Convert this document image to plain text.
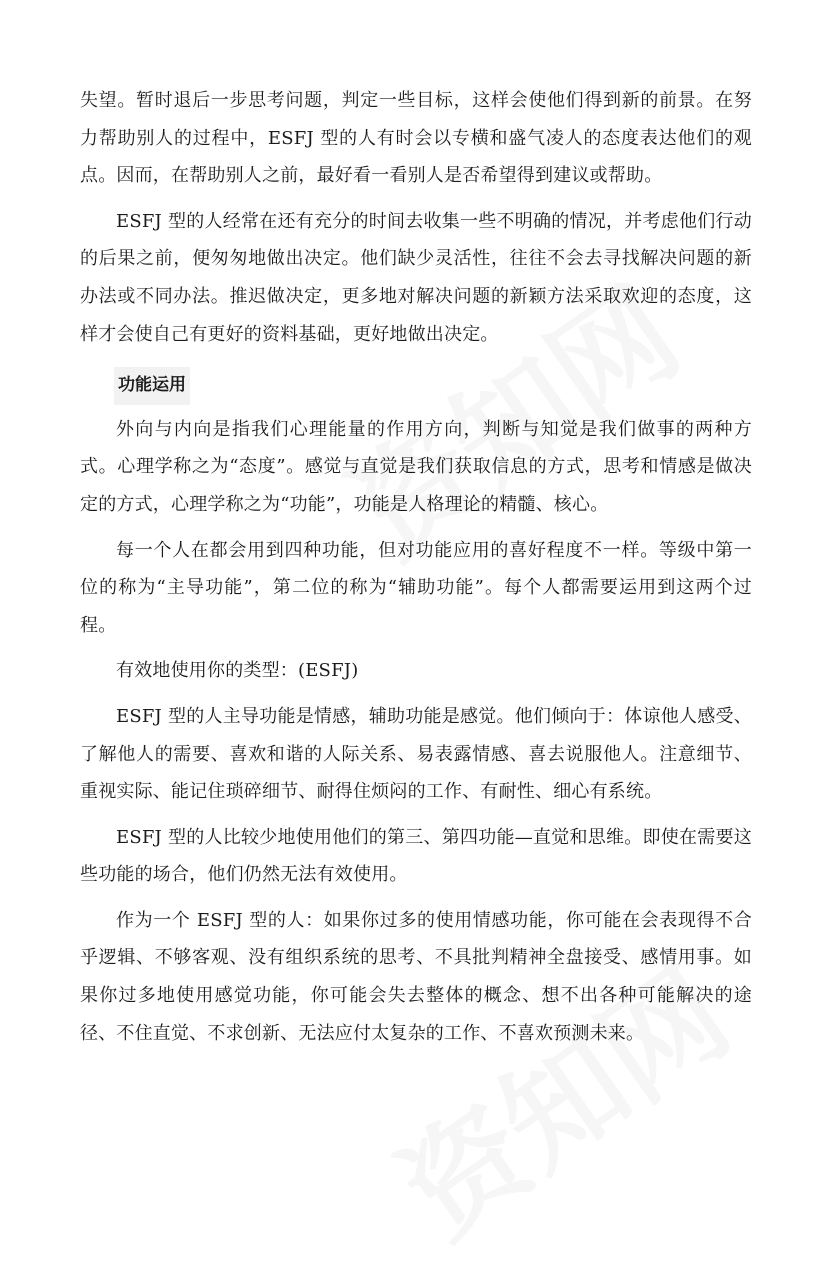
失望。暂时退后一步思考问题，判定一些目标，这样会使他们得到新的前景。在努力帮助别人的过程中，ESFJ 型的人有时会以专横和盛气凌人的态度表达他们的观点。因而，在帮助别人之前，最好看一看别人是否希望得到建议或帮助。

ESFJ 型的人经常在还有充分的时间去收集一些不明确的情况，并考虑他们行动的后果之前，便匆匆地做出决定。他们缺少灵活性，往往不会去寻找解决问题的新办法或不同办法。推迟做决定，更多地对解决问题的新颖方法采取欢迎的态度，这样才会使自己有更好的资料基础，更好地做出决定。

功能运用

外向与内向是指我们心理能量的作用方向，判断与知觉是我们做事的两种方式。心理学称之为“态度”。感觉与直觉是我们获取信息的方式，思考和情感是做决定的方式，心理学称之为“功能”，功能是人格理论的精髓、核心。

每一个人在都会用到四种功能，但对功能应用的喜好程度不一样。等级中第一位的称为“主导功能”，第二位的称为“辅助功能”。每个人都需要运用到这两个过程。

有效地使用你的类型：(ESFJ)

ESFJ 型的人主导功能是情感，辅助功能是感觉。他们倾向于：体谅他人感受、了解他人的需要、喜欢和谐的人际关系、易表露情感、喜去说服他人。注意细节、重视实际、能记住琐碎细节、耐得住烦闷的工作、有耐性、细心有系统。

ESFJ 型的人比较少地使用他们的第三、第四功能—直觉和思维。即使在需要这些功能的场合，他们仍然无法有效使用。

作为一个 ESFJ 型的人：如果你过多的使用情感功能，你可能在会表现得不合乎逻辑、不够客观、没有组织系统的思考、不具批判精神全盘接受、感情用事。如果你过多地使用感觉功能，你可能会失去整体的概念、想不出各种可能解决的途径、不住直觉、不求创新、无法应付太复杂的工作、不喜欢预测未来。
